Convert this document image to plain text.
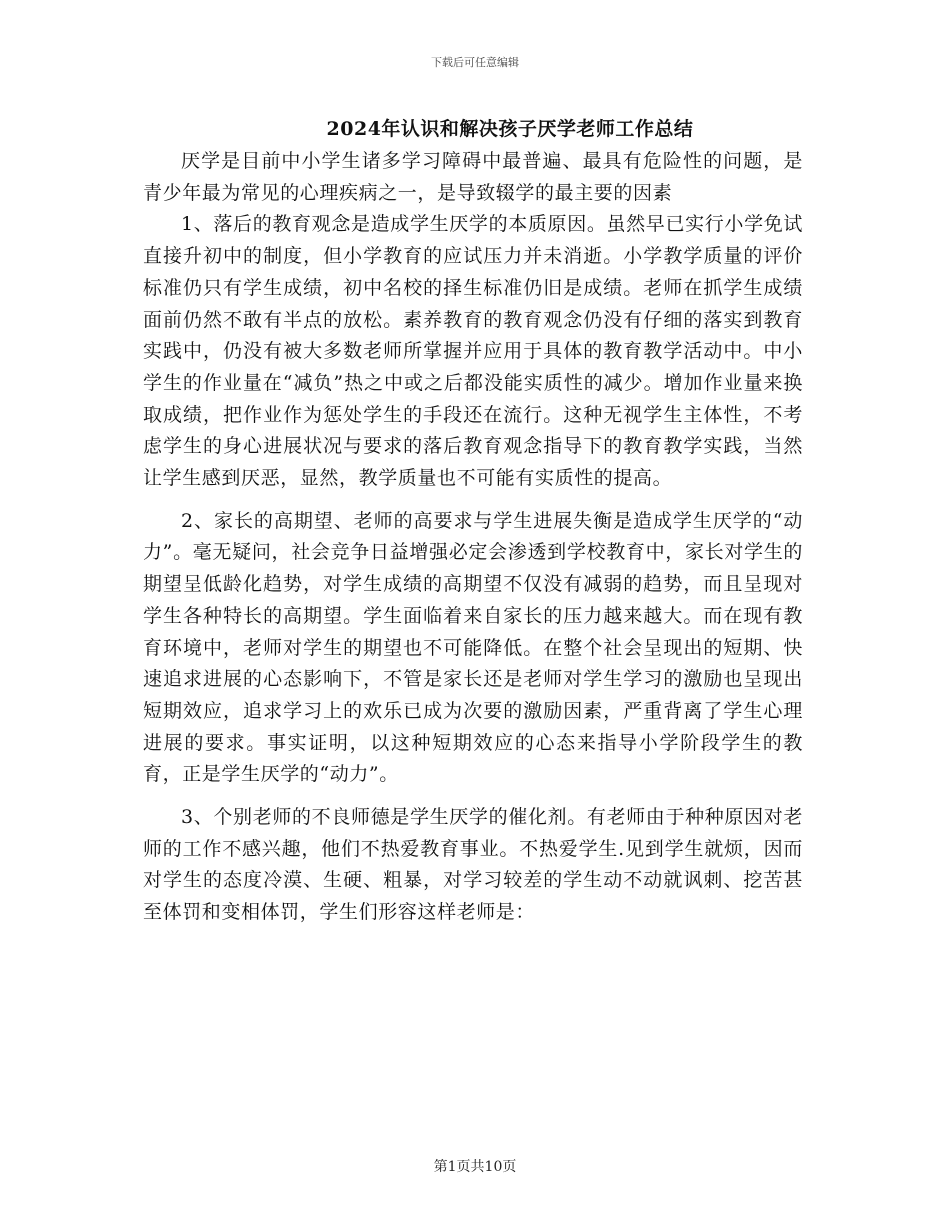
下载后可任意编辑
2024年认识和解决孩子厌学老师工作总结

厌学是目前中小学生诸多学习障碍中最普遍、最具有危险性的问题，是青少年最为常见的心理疾病之一，是导致辍学的最主要的因素

1、落后的教育观念是造成学生厌学的本质原因。虽然早已实行小学免试直接升初中的制度，但小学教育的应试压力并未消逝。小学教学质量的评价标准仍只有学生成绩，初中名校的择生标准仍旧是成绩。老师在抓学生成绩面前仍然不敢有半点的放松。素养教育的教育观念仍没有仔细的落实到教育实践中，仍没有被大多数老师所掌握并应用于具体的教育教学活动中。中小学生的作业量在“减负”热之中或之后都没能实质性的减少。增加作业量来换取成绩，把作业作为惩处学生的手段还在流行。这种无视学生主体性，不考虑学生的身心进展状况与要求的落后教育观念指导下的教育教学实践，当然让学生感到厌恶，显然，教学质量也不可能有实质性的提高。

2、家长的高期望、老师的高要求与学生进展失衡是造成学生厌学的“动力”。毫无疑问，社会竞争日益增强必定会渗透到学校教育中，家长对学生的期望呈低龄化趋势，对学生成绩的高期望不仅没有减弱的趋势，而且呈现对学生各种特长的高期望。学生面临着来自家长的压力越来越大。而在现有教育环境中，老师对学生的期望也不可能降低。在整个社会呈现出的短期、快速追求进展的心态影响下，不管是家长还是老师对学生学习的激励也呈现出短期效应，追求学习上的欢乐已成为次要的激励因素，严重背离了学生心理进展的要求。事实证明，以这种短期效应的心态来指导小学阶段学生的教育，正是学生厌学的“动力”。

3、个别老师的不良师德是学生厌学的催化剂。有老师由于种种原因对老师的工作不感兴趣，他们不热爱教育事业。不热爱学生.见到学生就烦，因而对学生的态度冷漠、生硬、粗暴，对学习较差的学生动不动就讽刺、挖苦甚至体罚和变相体罚，学生们形容这样老师是：

第1页共10页
